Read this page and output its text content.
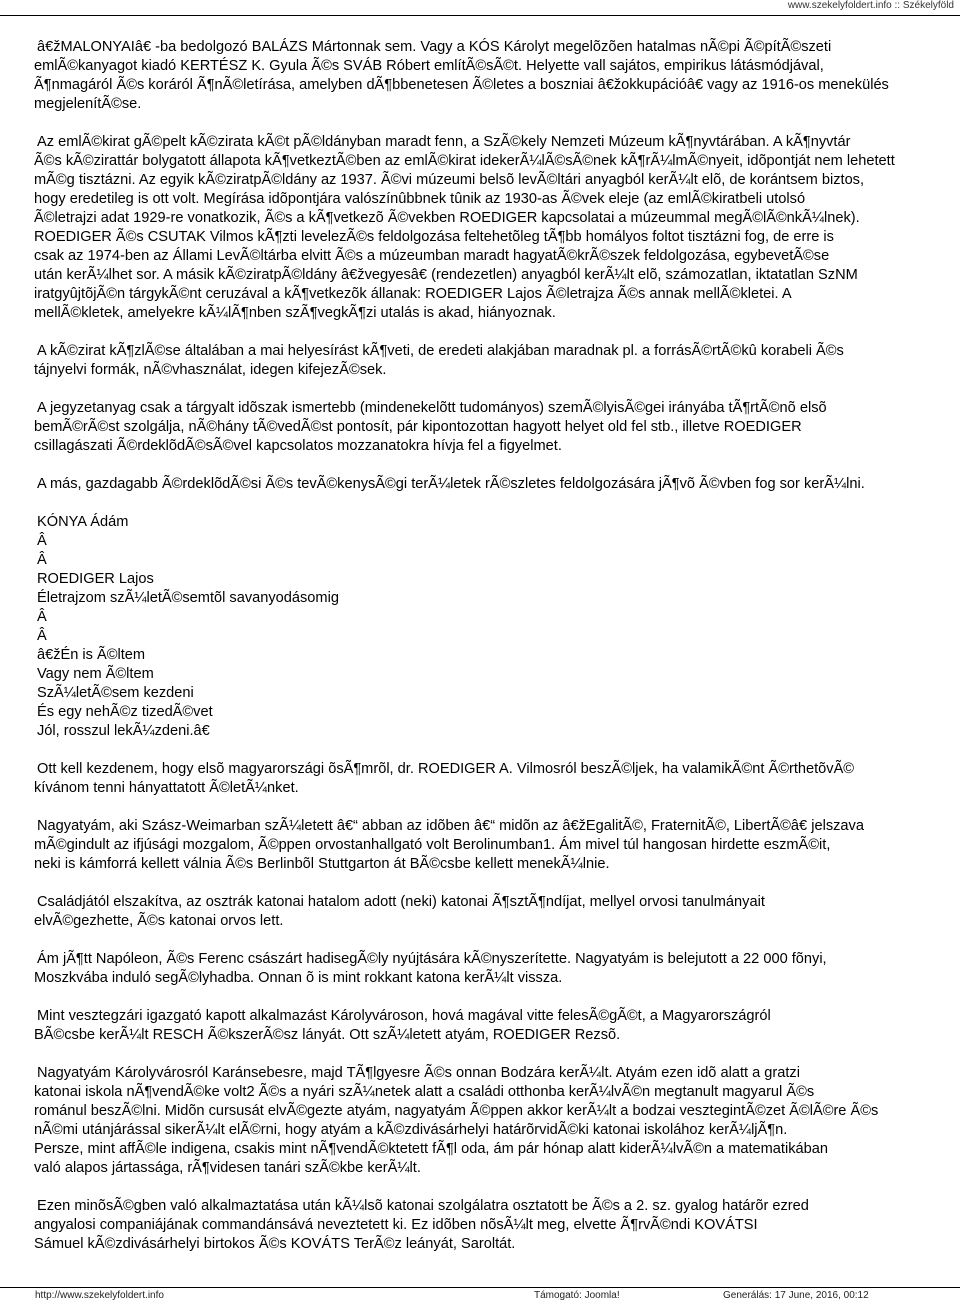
www.szekelyfoldert.info :: Székelyföld
â€žMALONYAIâ€ -ba bedolgozó BALÁZS Mártonnak sem. Vagy a KÓS Károlyt megelõzõen hatalmas nÃ©pi Ã©pítÃ©szeti
emlÃ©kanyagot kiadó KERTÉSZ K. Gyula Ã©s SVÁB Róbert említÃ©sÃ©t. Helyette vall sajátos, empirikus látásmódjával,
Ã¶nmagáról Ã©s koráról Ã¶nÃ©letírása, amelyben dÃ¶bbenetesen Ã©letes a boszniai â€žokkupációâ€ vagy az 1916-os menekülés
megjelenítÃ©se.
Az emlÃ©kirat gÃ©pelt kÃ©zirata kÃ©t pÃ©ldányban maradt fenn, a SzÃ©kely Nemzeti Múzeum kÃ¶nyvtárában. A kÃ¶nyvtár
Ã©s kÃ©zirattár bolygatott állapota kÃ¶vetkeztÃ©ben az emlÃ©kirat idekerÃ¼lÃ©sÃ©nek kÃ¶rÃ¼lmÃ©nyeit, idõpontját nem lehetett
mÃ©g tisztázni. Az egyik kÃ©ziratpÃ©ldány az 1937. Ã©vi múzeumi belsõ levÃ©ltári anyagból kerÃ¼lt elõ, de korántsem biztos,
hogy eredetileg is ott volt. Megírása idõpontjára valószínûbbnek tûnik az 1930-as Ã©vek eleje (az emlÃ©kiratbeli utolsó
Ã©letrajzi adat 1929-re vonatkozik, Ã©s a kÃ¶vetkezõ Ã©vekben ROEDIGER kapcsolatai a múzeummal megÃ©lÃ©nkÃ¼lnek).
ROEDIGER Ã©s CSUTAK Vilmos kÃ¶zti levelezÃ©s feldolgozása feltehetõleg tÃ¶bb homályos foltot tisztázni fog, de erre is
csak az 1974-ben az Állami LevÃ©ltárba elvitt Ã©s a múzeumban maradt hagyatÃ©krÃ©szek feldolgozása, egybevetÃ©se
után kerÃ¼lhet sor. A másik kÃ©ziratpÃ©ldány â€žvegyesâ€ (rendezetlen) anyagból kerÃ¼lt elõ, számozatlan, iktatatlan SzNM
iratgyûjtõjÃ©n tárgykÃ©nt ceruzával a kÃ¶vetkezõk állanak: ROEDIGER Lajos Ã©letrajza Ã©s annak mellÃ©kletei. A
mellÃ©kletek, amelyekre kÃ¼lÃ¶nben szÃ¶vegkÃ¶zi utalás is akad, hiányoznak.
A kÃ©zirat kÃ¶zlÃ©se általában a mai helyesírást kÃ¶veti, de eredeti alakjában maradnak pl. a forrásÃ©rtÃ©kû korabeli Ã©s
tájnyelvi formák, nÃ©vhasználat, idegen kifejezÃ©sek.
A jegyzetanyag csak a tárgyalt idõszak ismertebb (mindenekelõtt tudományos) szemÃ©lyisÃ©gei irányába tÃ¶rtÃ©nõ elsõ
bemÃ©rÃ©st szolgálja, nÃ©hány tÃ©vedÃ©st pontosít, pár kipontozottan hagyott helyet old fel stb., illetve ROEDIGER
csillagászati Ã©rdeklõdÃ©sÃ©vel kapcsolatos mozzanatokra hívja fel a figyelmet.
A más, gazdagabb Ã©rdeklõdÃ©si Ã©s tevÃ©kenysÃ©gi terÃ¼letek rÃ©szletes feldolgozására jÃ¶võ Ã©vben fog sor kerÃ¼lni.
KÓNYA Ádám
Â
Â
ROEDIGER Lajos
Életrajzom szÃ¼letÃ©semtõl savanyodásomig
Â
Â
â€žÉn is Ã©ltem
Vagy nem Ã©ltem
SzÃ¼letÃ©sem kezdeni
És egy nehÃ©z tizedÃ©vet
Jól, rosszul lekÃ¼zdeni.â€
Ott kell kezdenem, hogy elsõ magyarországi õsÃ¶mrõl, dr. ROEDIGER A. Vilmosról beszÃ©ljek, ha valamikÃ©nt Ã©rthetõvÃ©
kívánom tenni hányattatott Ã©letÃ¼nket.
Nagyatyám, aki Szász-Weimarban szÃ¼letett â€“ abban az idõben â€“ midõn az â€žEgalitÃ©, FraternitÃ©, LibertÃ©â€ jelszava
mÃ©gindult az ifjúsági mozgalom, Ã©ppen orvostanhallgató volt Berolinumban1. Ám mivel túl hangosan hirdette eszmÃ©it,
neki is kámforrá kellett válnia Ã©s Berlinbõl Stuttgarton át BÃ©csbe kellett menekÃ¼lnie.
Családjától elszakítva, az osztrák katonai hatalom adott (neki) katonai Ã¶sztÃ¶ndíjat, mellyel orvosi tanulmányait
elvÃ©gezhette, Ã©s katonai orvos lett.
Ám jÃ¶tt Napóleon, Ã©s Ferenc császárt hadisegÃ©ly nyújtására kÃ©nyszerítette. Nagyatyám is belejutott a 22 000 fõnyi,
Moszkvába induló segÃ©lyhadba. Onnan õ is mint rokkant katona kerÃ¼lt vissza.
Mint vesztegzári igazgató kapott alkalmazást Károlyvároson, hová magával vitte felesÃ©gÃ©t, a Magyarországról
BÃ©csbe kerÃ¼lt RESCH Ã©kszerÃ©sz lányát. Ott szÃ¼letett atyám, ROEDIGER Rezsõ.
Nagyatyám Károlyvárosról Karánsebesre, majd TÃ¶lgyesre Ã©s onnan Bodzára kerÃ¼lt. Atyám ezen idõ alatt a gratzi
katonai iskola nÃ¶vendÃ©ke volt2 Ã©s a nyári szÃ¼netek alatt a családi otthonba kerÃ¼lvÃ©n megtanult magyarul Ã©s
románul beszÃ©lni. Midõn cursusát elvÃ©gezte atyám, nagyatyám Ã©ppen akkor kerÃ¼lt a bodzai vesztegintÃ©zet Ã©lÃ©re Ã©s
nÃ©mi utánjárással sikerÃ¼lt elÃ©rni, hogy atyám a kÃ©zdivásárhelyi határõrvidÃ©ki katonai iskolához kerÃ¼ljÃ¶n.
Persze, mint affÃ©le indigena, csakis mint nÃ¶vendÃ©ktetett fÃ¶l oda, ám pár hónap alatt kiderÃ¼lvÃ©n a matematikában
való alapos jártassága, rÃ¶videsen tanári szÃ©kbe kerÃ¼lt.
Ezen minõsÃ©gben való alkalmaztatása után kÃ¼lsõ katonai szolgálatra osztatott be Ã©s a 2. sz. gyalog határõr ezred
angyalosi companiájának commandánsává neveztetett ki. Ez idõben nõsÃ¼lt meg, elvette Ã¶rvÃ©ndi KOVÁTSI
Sámuel kÃ©zdivásárhelyi birtokos Ã©s KOVÁTS TerÃ©z leányát, Saroltát.
http://www.szekelyfoldert.info	Támogató: Joomla!	Generálás: 17 June, 2016, 00:12
